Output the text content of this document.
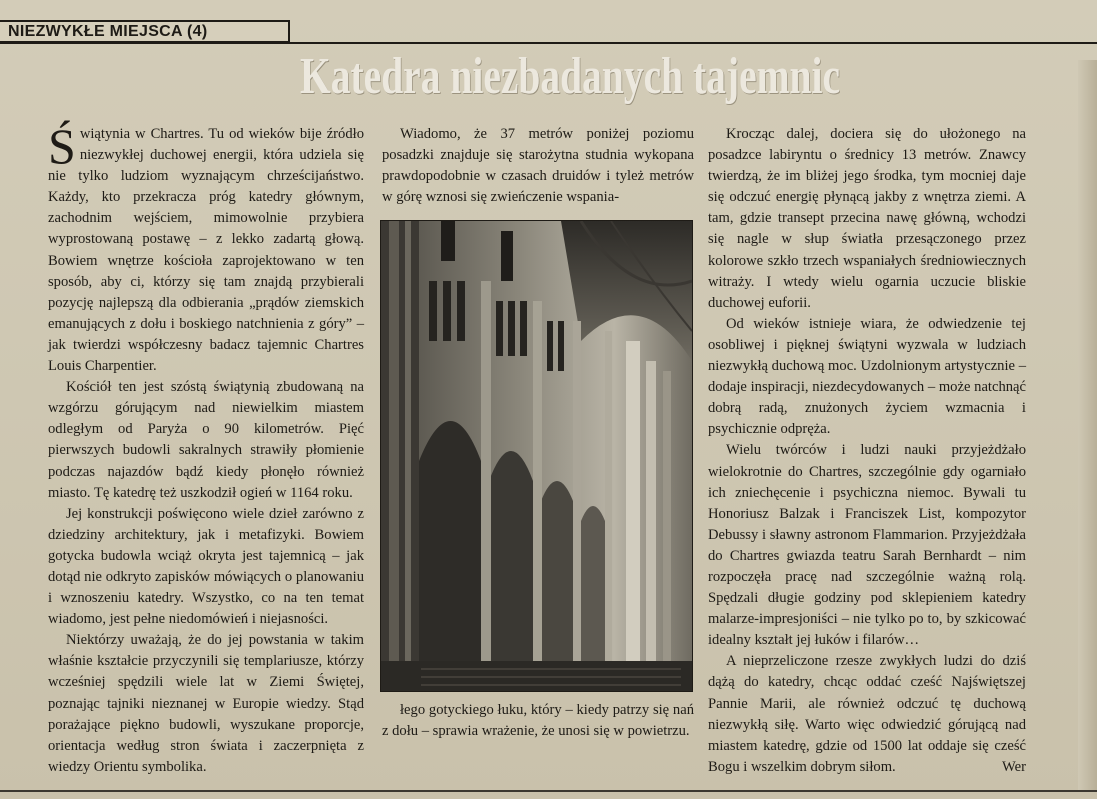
NIEZWYKŁE MIEJSCA (4)
Katedra niezbadanych tajemnic

Świątynia w Chartres. Tu od wieków bije źródło niezwykłej duchowej energii, która udziela się nie tylko ludziom wyznającym chrześcijaństwo. Każdy, kto przekracza próg katedry głównym, zachodnim wejściem, mimowolnie przybiera wyprostowaną postawę – z lekko zadartą głową. Bowiem wnętrze kościoła zaprojektowano w ten sposób, aby ci, którzy się tam znajdą przybierali pozycję najlepszą dla odbierania „prądów ziemskich emanujących z dołu i boskiego natchnienia z góry” – jak twierdzi współczesny badacz tajemnic Chartres Louis Charpentier.

Kościół ten jest szóstą świątynią zbudowaną na wzgórzu górującym nad niewielkim miastem odległym od Paryża o 90 kilometrów. Pięć pierwszych budowli sakralnych strawiły płomienie podczas najazdów bądź kiedy płonęło również miasto. Tę katedrę też uszkodził ogień w 1164 roku.

Jej konstrukcji poświęcono wiele dzieł zarówno z dziedziny architektury, jak i metafizyki. Bowiem gotycka budowla wciąż okryta jest tajemnicą – jak dotąd nie odkryto zapisków mówiących o planowaniu i wznoszeniu katedry. Wszystko, co na ten temat wiadomo, jest pełne niedomówień i niejasności.

Niektórzy uważają, że do jej powstania w takim właśnie kształcie przyczynili się templariusze, którzy wcześniej spędzili wiele lat w Ziemi Świętej, poznając tajniki nieznanej w Europie wiedzy. Stąd porażające piękno budowli, wyszukane proporcje, orientacja według stron świata i zaczerpnięta z wiedzy Orientu symbolika.

Wiadomo, że 37 metrów poniżej poziomu posadzki znajduje się starożytna studnia wykopana prawdopodobnie w czasach druidów i tyleż metrów w górę wznosi się zwieńczenie wspania-

łego gotyckiego łuku, który – kiedy patrzy się nań z dołu – sprawia wrażenie, że unosi się w powietrzu.

Krocząc dalej, dociera się do ułożonego na posadzce labiryntu o średnicy 13 metrów. Znawcy twierdzą, że im bliżej jego środka, tym mocniej daje się odczuć energię płynącą jakby z wnętrza ziemi. A tam, gdzie transept przecina nawę główną, wchodzi się nagle w słup światła przesączonego przez kolorowe szkło trzech wspaniałych średniowiecznych witraży. I wtedy wielu ogarnia uczucie bliskie duchowej euforii.

Od wieków istnieje wiara, że odwiedzenie tej osobliwej i pięknej świątyni wyzwala w ludziach niezwykłą duchową moc. Uzdolnionym artystycznie – dodaje inspiracji, niezdecydowanych – może natchnąć dobrą radą, znużonych życiem wzmacnia i psychicznie odpręża.

Wielu twórców i ludzi nauki przyjeżdżało wielokrotnie do Chartres, szczególnie gdy ogarniało ich zniechęcenie i psychiczna niemoc. Bywali tu Honoriusz Balzak i Franciszek List, kompozytor Debussy i sławny astronom Flammarion. Przyjeżdżała do Chartres gwiazda teatru Sarah Bernhardt – nim rozpoczęła pracę nad szczególnie ważną rolą. Spędzali długie godziny pod sklepieniem katedry malarze-impresjoniści – nie tylko po to, by szkicować idealny kształt jej łuków i filarów…

A nieprzeliczone rzesze zwykłych ludzi do dziś dążą do katedry, chcąc oddać cześć Najświętszej Pannie Marii, ale również odczuć tę duchową niezwykłą siłę. Warto więc odwiedzić górującą nad miastem katedrę, gdzie od 1500 lat oddaje się cześć Bogu i wszelkim dobrym siłom.	Wer
